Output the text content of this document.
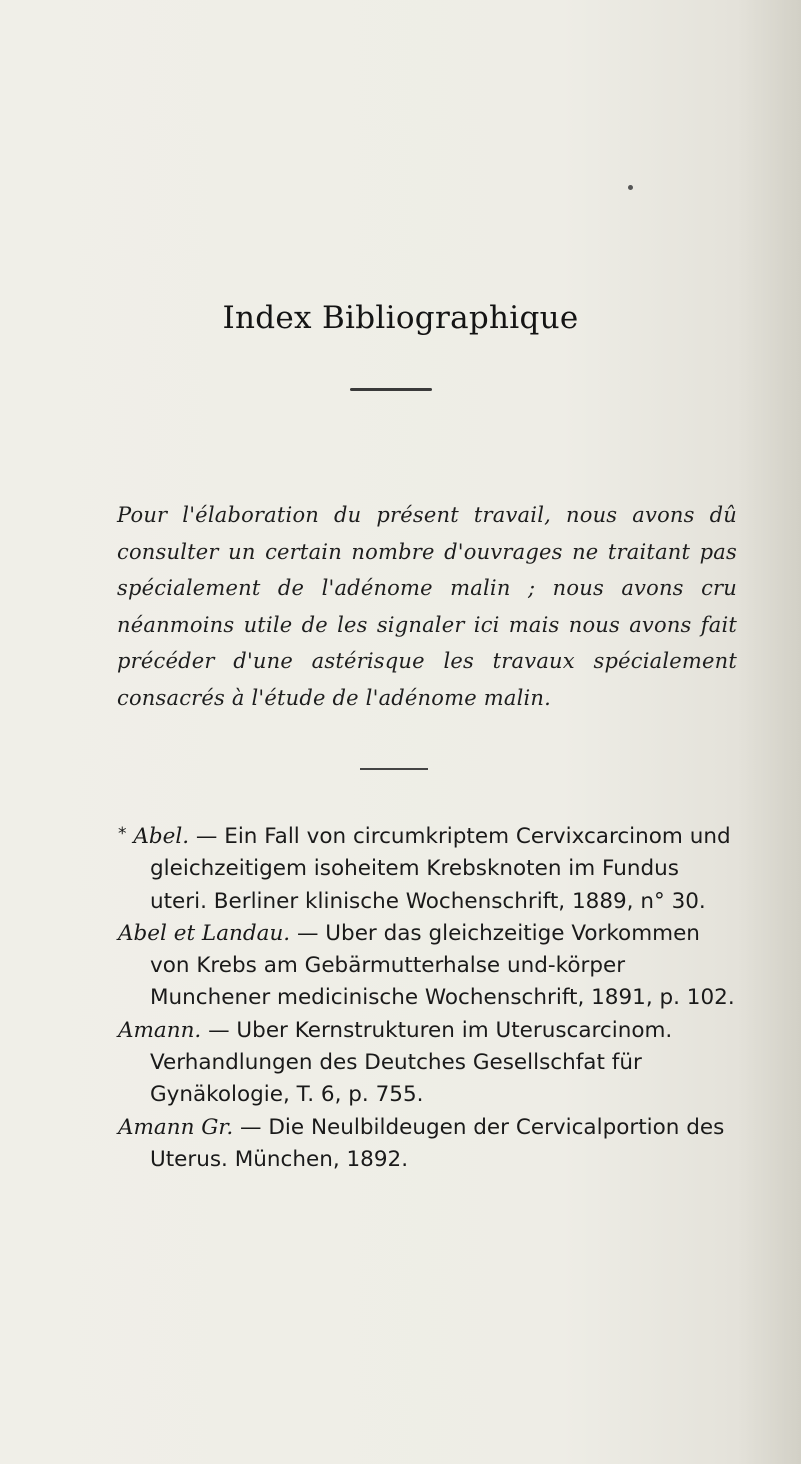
Index Bibliographique

Pour l'élaboration du présent travail, nous avons dû consulter un certain nombre d'ouvrages ne traitant pas spécialement de l'adénome malin ; nous avons cru néanmoins utile de les signaler ici mais nous avons fait précéder d'une astérisque les travaux spécialement consacrés à l'étude de l'adénome malin.

* Abel. — Ein Fall von circumkriptem Cervixcarcinom und gleichzeitigem isoheitem Krebsknoten im Fundus uteri. Berliner klinische Wochenschrift, 1889, n° 30.
Abel et Landau. — Uber das gleichzeitige Vorkommen von Krebs am Gebärmutterhalse und-körper Munchener medicinische Wochenschrift, 1891, p. 102.
Amann. — Uber Kernstrukturen im Uteruscarcinom. Verhandlungen des Deutches Gesellschfat für Gynäkologie, T. 6, p. 755.
Amann Gr. — Die Neulbildeugen der Cervicalportion des Uterus. München, 1892.
